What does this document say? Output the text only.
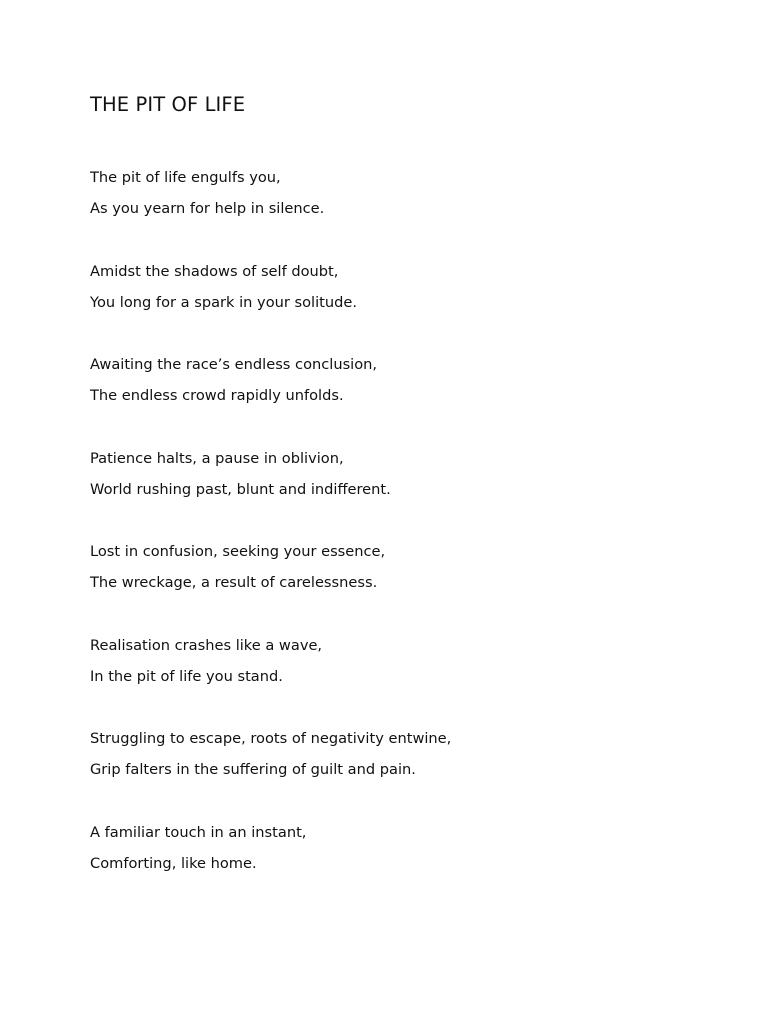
THE PIT OF LIFE
The pit of life engulfs you,
As you yearn for help in silence.
Amidst the shadows of self doubt,
You long for a spark in your solitude.
Awaiting the race’s endless conclusion,
The endless crowd rapidly unfolds.
Patience halts, a pause in oblivion,
World rushing past, blunt and indifferent.
Lost in confusion, seeking your essence,
The wreckage, a result of carelessness.
Realisation crashes like a wave,
In the pit of life you stand.
Struggling to escape, roots of negativity entwine,
Grip falters in the suffering of guilt and pain.
A familiar touch in an instant,
Comforting, like home.
